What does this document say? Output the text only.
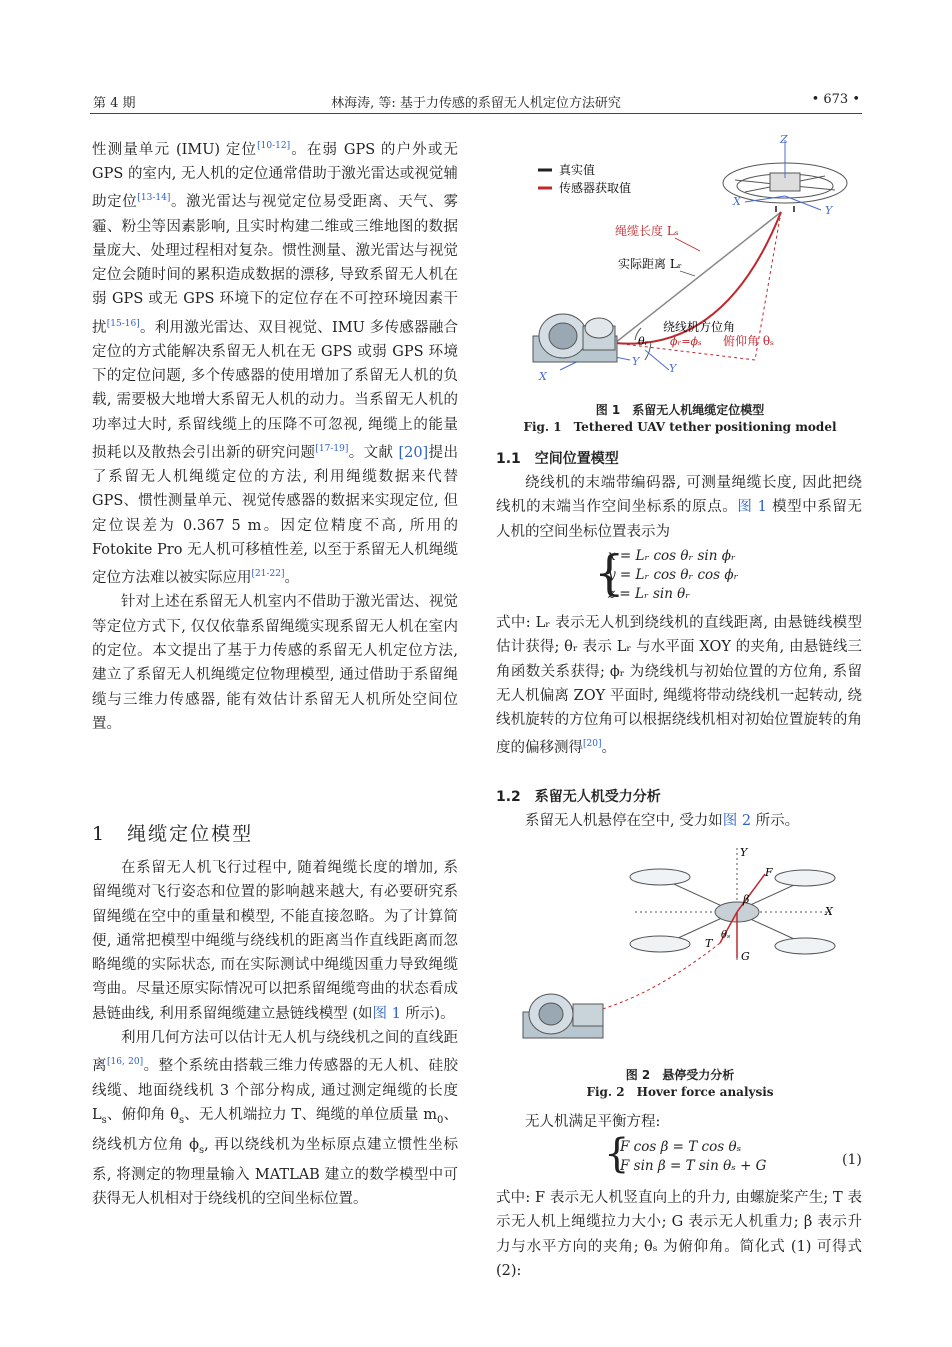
第 4 期	林海涛, 等: 基于力传感的系留无人机定位方法研究	• 673 •

性测量单元 (IMU) 定位[10-12]。在弱 GPS 的户外或无 GPS 的室内, 无人机的定位通常借助于激光雷达或视觉辅助定位[13-14]。激光雷达与视觉定位易受距离、天气、雾霾、粉尘等因素影响, 且实时构建二维或三维地图的数据量庞大、处理过程相对复杂。惯性测量、激光雷达与视觉定位会随时间的累积造成数据的漂移, 导致系留无人机在弱 GPS 或无 GPS 环境下的定位存在不可控环境因素干扰[15-16]。利用激光雷达、双目视觉、IMU 多传感器融合定位的方式能解决系留无人机在无 GPS 或弱 GPS 环境下的定位问题, 多个传感器的使用增加了系留无人机的负载, 需要极大地增大系留无人机的动力。当系留无人机的功率过大时, 系留线缆上的压降不可忽视, 绳缆上的能量损耗以及散热会引出新的研究问题[17-19]。文献 [20]提出了系留无人机绳缆定位的方法, 利用绳缆数据来代替 GPS、惯性测量单元、视觉传感器的数据来实现定位, 但定位误差为 0.367 5 m。因定位精度不高, 所用的 Fotokite Pro 无人机可移植性差, 以至于系留无人机绳缆定位方法难以被实际应用[21-22]。

针对上述在系留无人机室内不借助于激光雷达、视觉等定位方式下, 仅仅依靠系留绳缆实现系留无人机在室内的定位。本文提出了基于力传感的系留无人机定位方法, 建立了系留无人机绳缆定位物理模型, 通过借助于系留绳缆与三维力传感器, 能有效估计系留无人机所处空间位置。

1　绳缆定位模型

在系留无人机飞行过程中, 随着绳缆长度的增加, 系留绳缆对飞行姿态和位置的影响越来越大, 有必要研究系留绳缆在空中的重量和模型, 不能直接忽略。为了计算简便, 通常把模型中绳缆与绕线机的距离当作直线距离而忽略绳缆的实际状态, 而在实际测试中绳缆因重力导致绳缆弯曲。尽量还原实际情况可以把系留绳缆弯曲的状态看成悬链曲线, 利用系留绳缆建立悬链线模型 (如图 1 所示)。

利用几何方法可以估计无人机与绕线机之间的直线距离[16, 20]。整个系统由搭载三维力传感器的无人机、硅胶线缆、地面绕线机 3 个部分构成, 通过测定绳缆的长度 $L_s$、俯仰角 $\theta_s$、无人机端拉力 T、绳缆的单位质量 $m_0$、绕线机方位角 $\phi_s$, 再以绕线机为坐标原点建立惯性坐标系, 将测定的物理量输入 MATLAB 建立的数学模型中可获得无人机相对于绕线机的空间坐标位置。

真实值
传感器获取值
Z
Y
X
绳缆长度 Lₛ
实际距离 Lᵣ
绕线机方位角
ϕᵣ=ϕₛ 俯仰角 θₛ
θᵣ
Y
X
Y
图 1　系留无人机绳缆定位模型
Fig. 1　Tethered UAV tether positioning model
1.1　空间位置模型

绕线机的末端带编码器, 可测量绳缆长度, 因此把绕线机的末端当作空间坐标系的原点。图 1 模型中系留无人机的空间坐标位置表示为

{
x = Lᵣ cos θᵣ sin ϕᵣ
y = Lᵣ cos θᵣ cos ϕᵣ
z = Lᵣ sin θᵣ

式中: Lᵣ 表示无人机到绕线机的直线距离, 由悬链线模型估计获得; θᵣ 表示 Lᵣ 与水平面 XOY 的夹角, 由悬链线三角函数关系获得; ϕᵣ 为绕线机与初始位置的方位角, 系留无人机偏离 ZOY 平面时, 绳缆将带动绕线机一起转动, 绕线机旋转的方位角可以根据绕线机相对初始位置旋转的角度的偏移测得[20]。

1.2　系留无人机受力分析

系留无人机悬停在空中, 受力如图 2 所示。

Y
X
F
β
G
T
θₛ
图 2　悬停受力分析
Fig. 2　Hover force analysis

无人机满足平衡方程:

{
F cos β = T cos θₛ
F sin β = T sin θₛ + G	(1)

式中: F 表示无人机竖直向上的升力, 由螺旋桨产生; T 表示无人机上绳缆拉力大小; G 表示无人机重力; β 表示升力与水平方向的夹角; θₛ 为俯仰角。简化式 (1) 可得式 (2):
